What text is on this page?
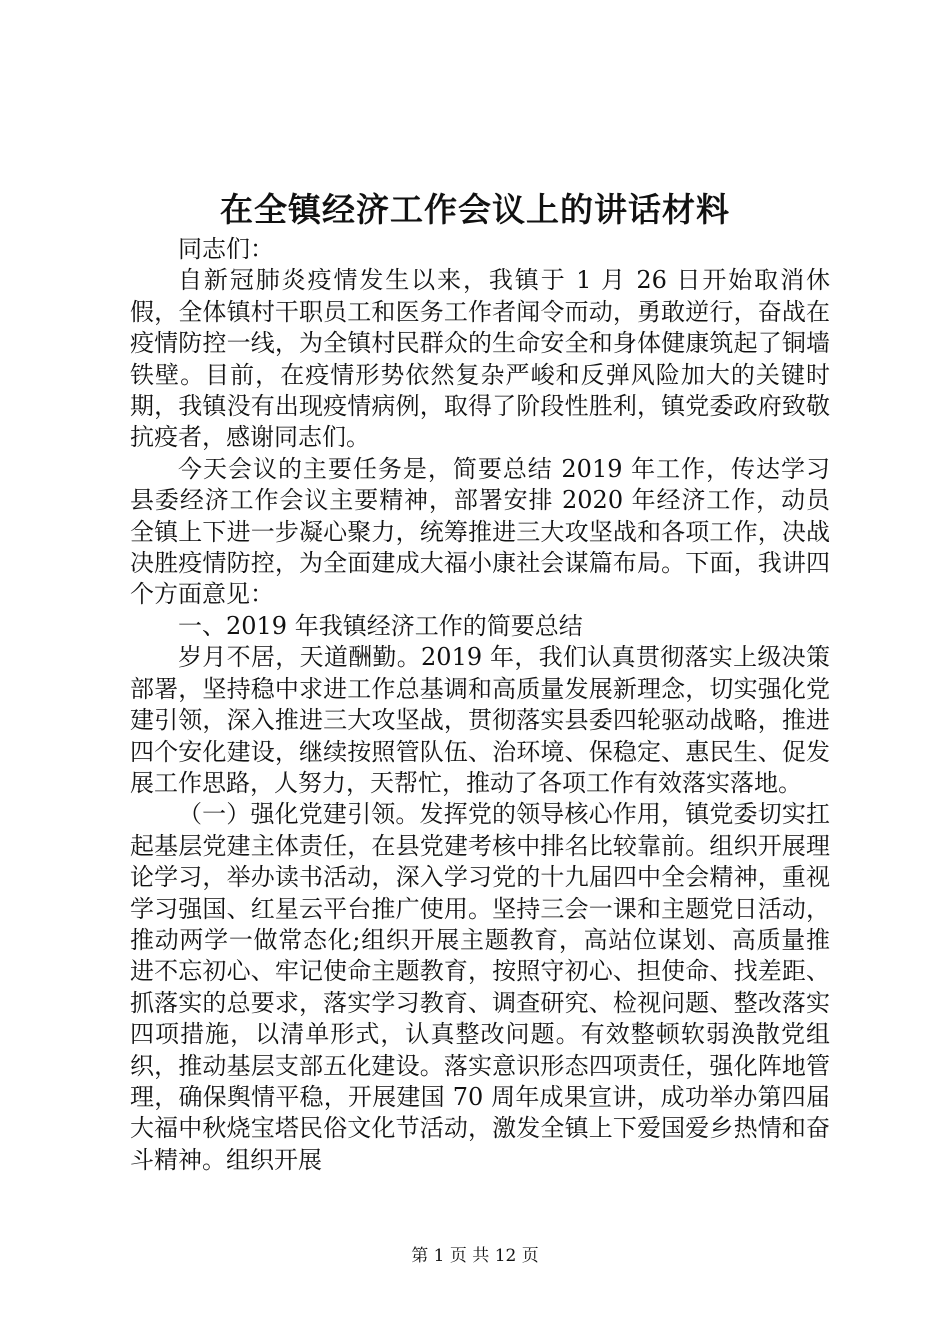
在全镇经济工作会议上的讲话材料

同志们：

自新冠肺炎疫情发生以来，我镇于 1 月 26 日开始取消休假，全体镇村干职员工和医务工作者闻令而动，勇敢逆行，奋战在疫情防控一线，为全镇村民群众的生命安全和身体健康筑起了铜墙铁壁。目前，在疫情形势依然复杂严峻和反弹风险加大的关键时期，我镇没有出现疫情病例，取得了阶段性胜利，镇党委政府致敬抗疫者，感谢同志们。

今天会议的主要任务是，简要总结 2019 年工作，传达学习县委经济工作会议主要精神，部署安排 2020 年经济工作，动员全镇上下进一步凝心聚力，统筹推进三大攻坚战和各项工作，决战决胜疫情防控，为全面建成大福小康社会谋篇布局。下面，我讲四个方面意见：

一、2019 年我镇经济工作的简要总结

岁月不居，天道酬勤。2019 年，我们认真贯彻落实上级决策部署，坚持稳中求进工作总基调和高质量发展新理念，切实强化党建引领，深入推进三大攻坚战，贯彻落实县委四轮驱动战略，推进四个安化建设，继续按照管队伍、治环境、保稳定、惠民生、促发展工作思路，人努力，天帮忙，推动了各项工作有效落实落地。

（一）强化党建引领。发挥党的领导核心作用，镇党委切实扛起基层党建主体责任，在县党建考核中排名比较靠前。组织开展理论学习，举办读书活动，深入学习党的十九届四中全会精神，重视学习强国、红星云平台推广使用。坚持三会一课和主题党日活动，推动两学一做常态化;组织开展主题教育，高站位谋划、高质量推进不忘初心、牢记使命主题教育，按照守初心、担使命、找差距、抓落实的总要求，落实学习教育、调查研究、检视问题、整改落实四项措施，以清单形式，认真整改问题。有效整顿软弱涣散党组织，推动基层支部五化建设。落实意识形态四项责任，强化阵地管理，确保舆情平稳，开展建国 70 周年成果宣讲，成功举办第四届大福中秋烧宝塔民俗文化节活动，激发全镇上下爱国爱乡热情和奋斗精神。组织开展

第 1 页 共 12 页
